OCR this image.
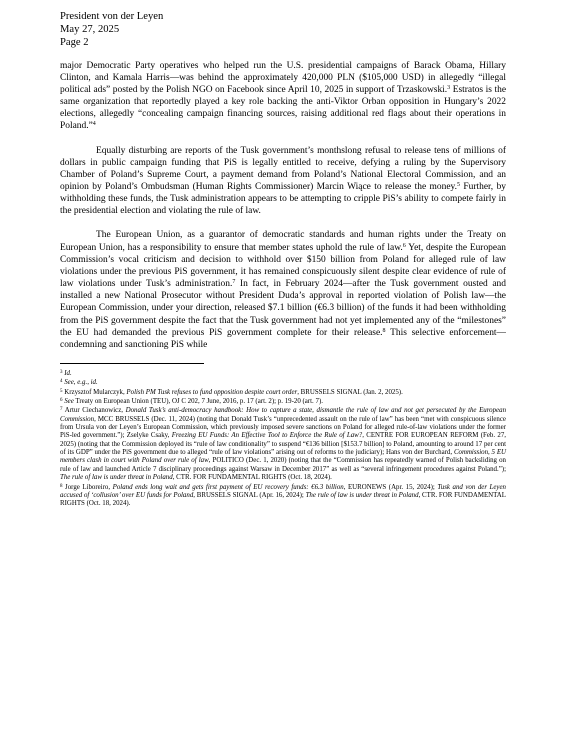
President von der Leyen
May 27, 2025
Page 2

major Democratic Party operatives who helped run the U.S. presidential campaigns of Barack Obama, Hillary Clinton, and Kamala Harris—was behind the approximately 420,000 PLN ($105,000 USD) in allegedly “illegal political ads” posted by the Polish NGO on Facebook since April 10, 2025 in support of Trzaskowski.$^3$ Estratos is the same organization that reportedly played a key role backing the anti-Viktor Orban opposition in Hungary’s 2022 elections, allegedly “concealing campaign financing sources, raising additional red flags about their operations in Poland.”$^4$

Equally disturbing are reports of the Tusk government’s monthslong refusal to release tens of millions of dollars in public campaign funding that PiS is legally entitled to receive, defying a ruling by the Supervisory Chamber of Poland’s Supreme Court, a payment demand from Poland’s National Electoral Commission, and an opinion by Poland’s Ombudsman (Human Rights Commissioner) Marcin Wiące to release the money.$^5$ Further, by withholding these funds, the Tusk administration appears to be attempting to cripple PiS’s ability to compete fairly in the presidential election and violating the rule of law.

The European Union, as a guarantor of democratic standards and human rights under the Treaty on European Union, has a responsibility to ensure that member states uphold the rule of law.$^6$ Yet, despite the European Commission’s vocal criticism and decision to withhold over $150 billion from Poland for alleged rule of law violations under the previous PiS government, it has remained conspicuously silent despite clear evidence of rule of law violations under Tusk’s administration.$^7$ In fact, in February 2024—after the Tusk government ousted and installed a new National Prosecutor without President Duda’s approval in reported violation of Polish law—the European Commission, under your direction, released $7.1 billion (€6.3 billion) of the funds it had been withholding from the PiS government despite the fact that the Tusk government had not yet implemented any of the “milestones” the EU had demanded the previous PiS government complete for their release.$^8$ This selective enforcement—condemning and sanctioning PiS while

$^3$ Id.

$^4$ See, e.g., id.

$^5$ Krzysztof Mularczyk, Polish PM Tusk refuses to fund opposition despite court order, BRUSSELS SIGNAL (Jan. 2, 2025).

$^6$ See Treaty on European Union (TEU), OJ C 202, 7 June, 2016, p. 17 (art. 2); p. 19-20 (art. 7).

$^7$ Artur Ciechanowicz, Donald Tusk’s anti-democracy handbook: How to capture a state, dismantle the rule of law and not get persecuted by the European Commission, MCC BRUSSELS (Dec. 11, 2024) (noting that Donald Tusk’s “unprecedented assault on the rule of law” has been “met with conspicuous silence from Ursula von der Leyen’s European Commission, which previously imposed severe sanctions on Poland for alleged rule-of-law violations under the former PiS-led government.”); Zselyke Csaky, Freezing EU Funds: An Effective Tool to Enforce the Rule of Law?, CENTRE FOR EUROPEAN REFORM (Feb. 27, 2025) (noting that the Commission deployed its “rule of law conditionality” to suspend “€136 billion [$153.7 billion] to Poland, amounting to around 17 per cent of its GDP” under the PiS government due to alleged “rule of law violations” arising out of reforms to the judiciary); Hans von der Burchard, Commission, 5 EU members clash in court with Poland over rule of law, POLITICO (Dec. 1, 2020) (noting that the “Commission has repeatedly warned of Polish backsliding on rule of law and launched Article 7 disciplinary proceedings against Warsaw in December 2017” as well as “several infringement procedures against Poland.”); The rule of law is under threat in Poland, CTR. FOR FUNDAMENTAL RIGHTS (Oct. 18, 2024).

$^8$ Jorge Liboreiro, Poland ends long wait and gets first payment of EU recovery funds: €6.3 billion, EURONEWS (Apr. 15, 2024); Tusk and von der Leyen accused of ‘collusion’ over EU funds for Poland, BRUSSELS SIGNAL (Apr. 16, 2024); The rule of law is under threat in Poland, CTR. FOR FUNDAMENTAL RIGHTS (Oct. 18, 2024).
